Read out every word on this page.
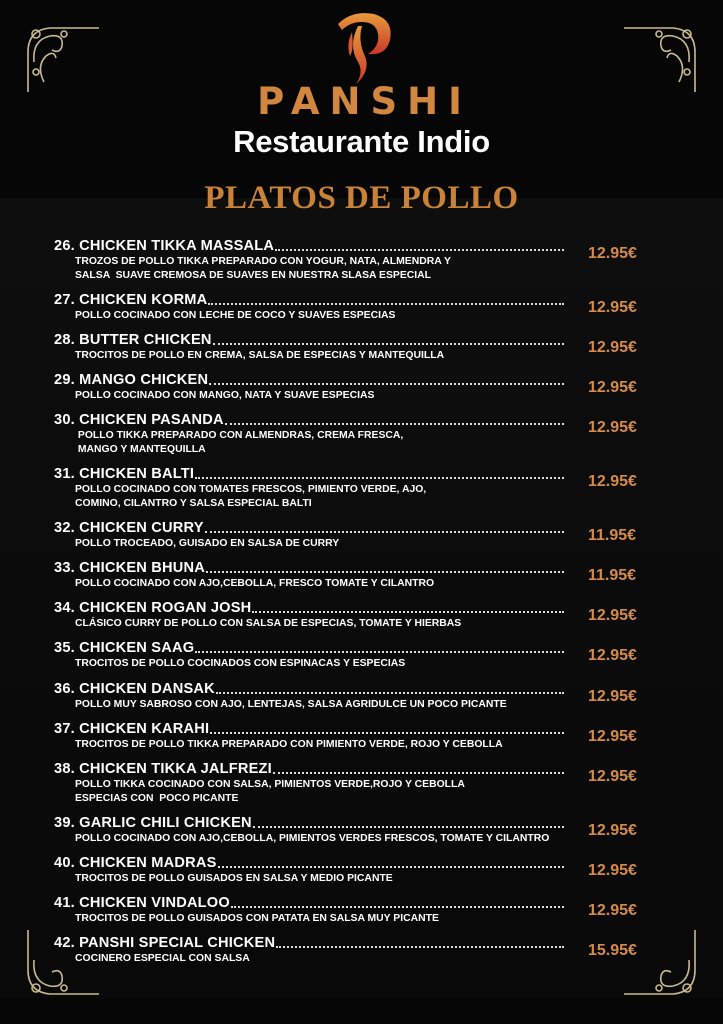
PANSHI
Restaurante Indio
PLATOS DE POLLO
26. CHICKEN TIKKA MASSALA
TROZOS DE POLLO TIKKA PREPARADO CON YOGUR, NATA, ALMENDRA Y
SALSA  SUAVE CREMOSA DE SUAVES EN NUESTRA SLASA ESPECIAL
12.95€
27. CHICKEN KORMA
POLLO COCINADO CON LECHE DE COCO Y SUAVES ESPECIAS	12.95€
28. BUTTER CHICKEN
TROCITOS DE POLLO EN CREMA, SALSA DE ESPECIAS Y MANTEQUILLA	12.95€
29. MANGO CHICKEN
POLLO COCINADO CON MANGO, NATA Y SUAVE ESPECIAS	12.95€
30. CHICKEN PASANDA
POLLO TIKKA PREPARADO CON ALMENDRAS, CREMA FRESCA,
MANGO Y MANTEQUILLA
12.95€
31. CHICKEN BALTI
POLLO COCINADO CON TOMATES FRESCOS, PIMIENTO VERDE, AJO,
COMINO, CILANTRO Y SALSA ESPECIAL BALTI
12.95€
32. CHICKEN CURRY
POLLO TROCEADO, GUISADO EN SALSA DE CURRY	11.95€
33. CHICKEN BHUNA
POLLO COCINADO CON AJO,CEBOLLA, FRESCO TOMATE Y CILANTRO	11.95€
34. CHICKEN ROGAN JOSH
CLÁSICO CURRY DE POLLO CON SALSA DE ESPECIAS, TOMATE Y HIERBAS	12.95€
35. CHICKEN SAAG
TROCITOS DE POLLO COCINADOS CON ESPINACAS Y ESPECIAS	12.95€
36. CHICKEN DANSAK
POLLO MUY SABROSO CON AJO, LENTEJAS, SALSA AGRIDULCE UN POCO PICANTE	12.95€
37. CHICKEN KARAHI
TROCITOS DE POLLO TIKKA PREPARADO CON PIMIENTO VERDE, ROJO Y CEBOLLA	12.95€
38. CHICKEN TIKKA JALFREZI
POLLO TIKKA COCINADO CON SALSA, PIMIENTOS VERDE,ROJO Y CEBOLLA
ESPECIAS CON  POCO PICANTE
12.95€
39. GARLIC CHILI CHICKEN
POLLO COCINADO CON AJO,CEBOLLA, PIMIENTOS VERDES FRESCOS, TOMATE Y CILANTRO	12.95€
40. CHICKEN MADRAS
TROCITOS DE POLLO GUISADOS EN SALSA Y MEDIO PICANTE	12.95€
41. CHICKEN VINDALOO
TROCITOS DE POLLO GUISADOS CON PATATA EN SALSA MUY PICANTE	12.95€
42. PANSHI SPECIAL CHICKEN
COCINERO ESPECIAL CON SALSA	15.95€
